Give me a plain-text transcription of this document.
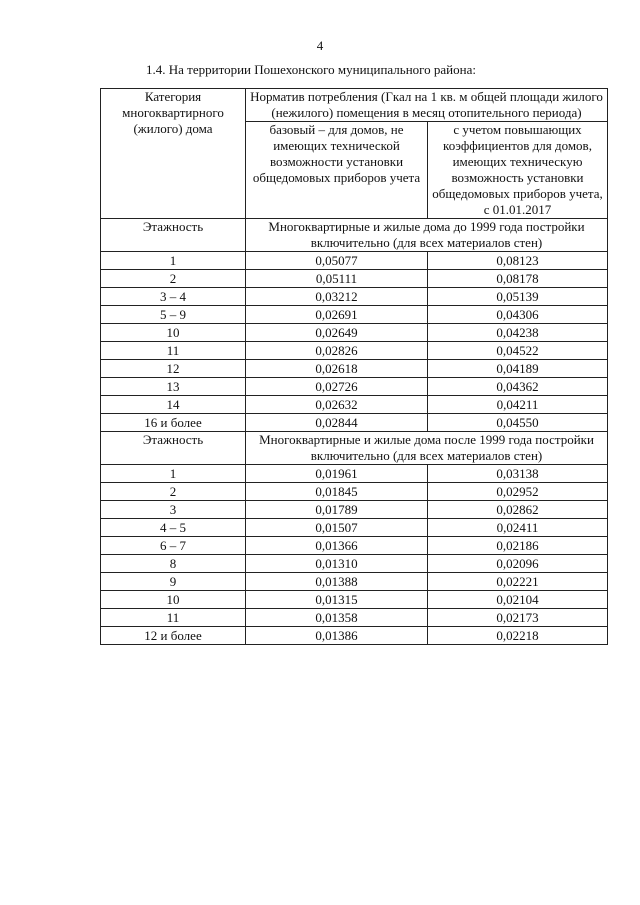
4
1.4. На территории Пошехонского муниципального района:
Категория многоквартирного (жилого) дома	Норматив потребления (Гкал на 1 кв. м общей площади жилого (нежилого) помещения в месяц отопительного периода)	
	базовый – для домов, не имеющих технической возможности установки общедомовых приборов учета	с учетом повышающих коэффициентов для домов, имеющих техническую возможность установки общедомовых приборов учета, с 01.01.2017
Этажность	Многоквартирные и жилые дома до 1999 года постройки включительно (для всех материалов стен)	
1	0,05077	0,08123
2	0,05111	0,08178
3 – 4	0,03212	0,05139
5 – 9	0,02691	0,04306
10	0,02649	0,04238
11	0,02826	0,04522
12	0,02618	0,04189
13	0,02726	0,04362
14	0,02632	0,04211
16 и более	0,02844	0,04550
Этажность	Многоквартирные и жилые дома после 1999 года постройки включительно (для всех материалов стен)	
1	0,01961	0,03138
2	0,01845	0,02952
3	0,01789	0,02862
4 – 5	0,01507	0,02411
6 – 7	0,01366	0,02186
8	0,01310	0,02096
9	0,01388	0,02221
10	0,01315	0,02104
11	0,01358	0,02173
12 и более	0,01386	0,02218
